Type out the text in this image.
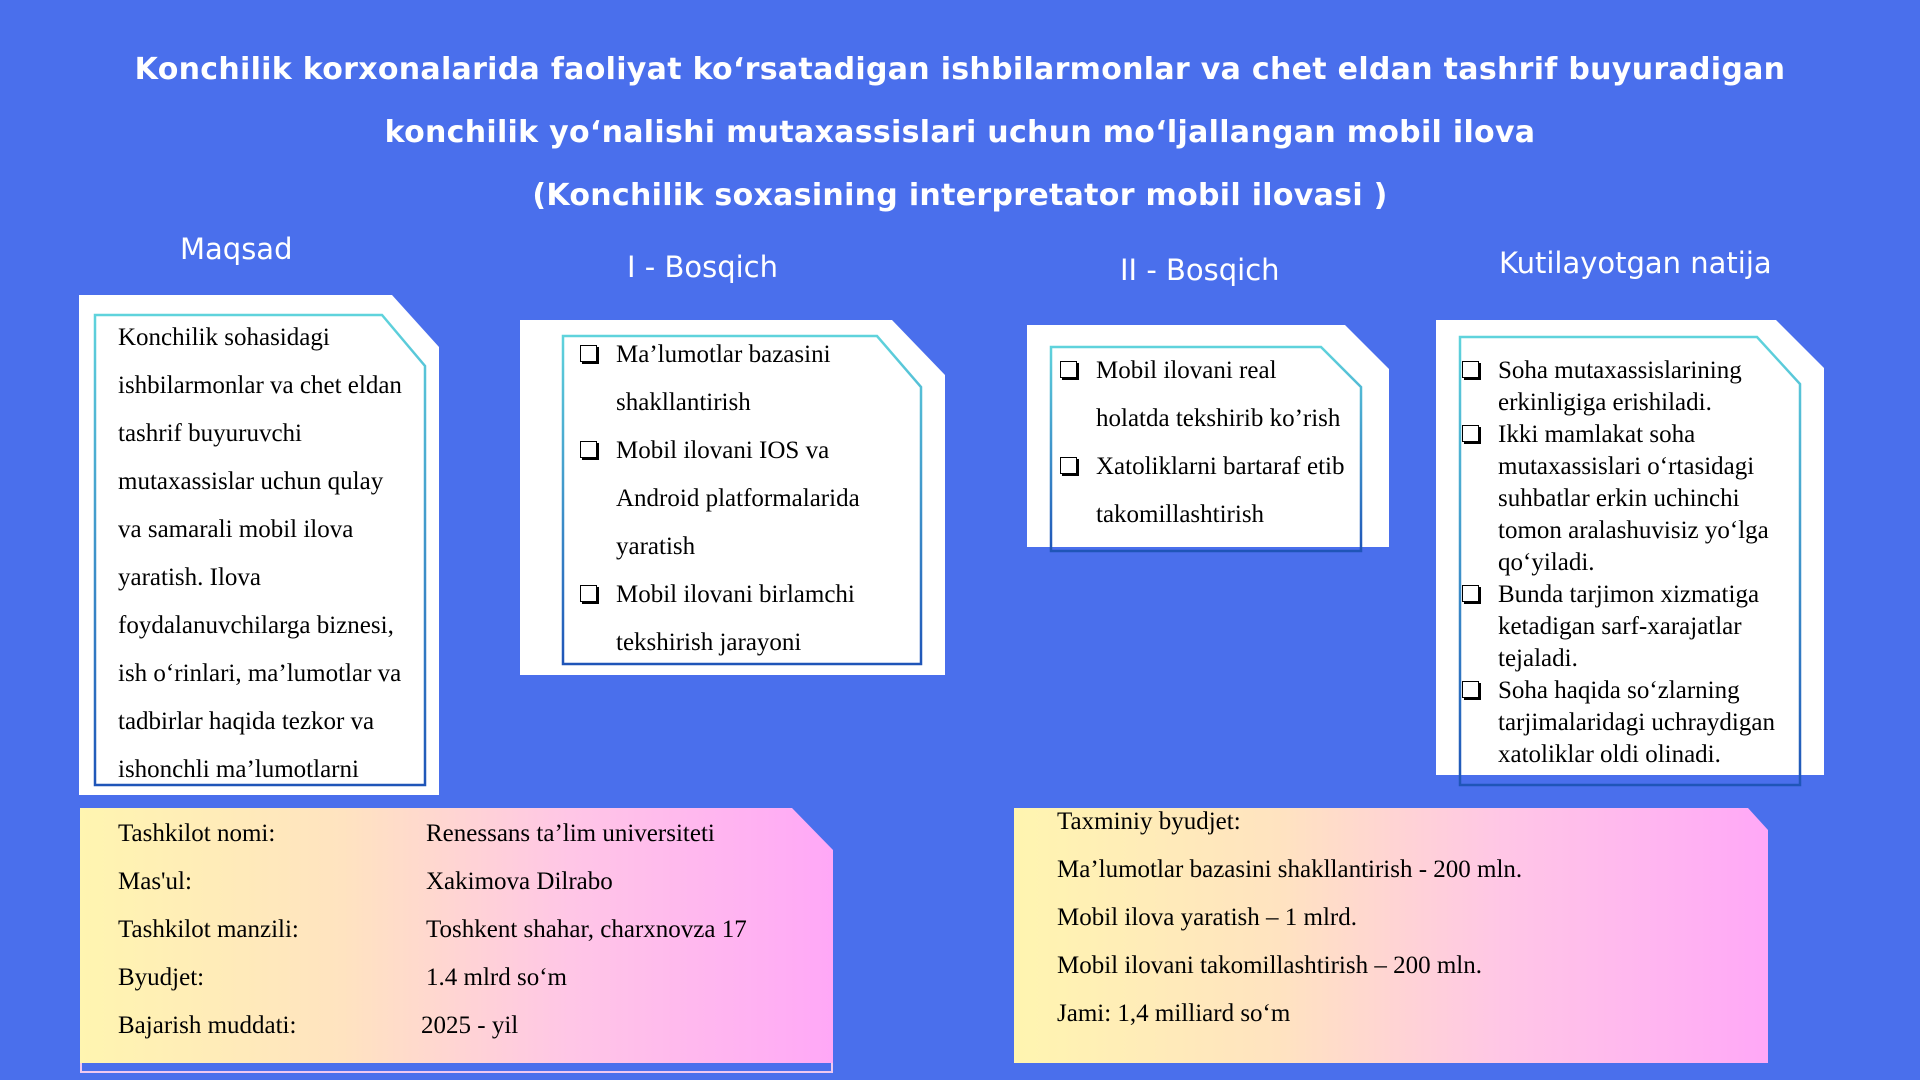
Konchilik korxonalarida faoliyat ko‘rsatadigan ishbilarmonlar va chet eldan tashrif buyuradigan
konchilik yo‘nalishi mutaxassislari uchun mo‘ljallangan mobil ilova
(Konchilik soxasining interpretator mobil ilovasi )
Maqsad
I - Bosqich	II - Bosqich	Kutilayotgan natija
Konchilik sohasidagi
ishbilarmonlar va chet eldan
tashrif buyuruvchi
mutaxassislar uchun qulay
va samarali mobil ilova
yaratish. Ilova
foydalanuvchilarga biznesi,
ish o‘rinlari, ma’lumotlar va
tadbirlar haqida tezkor va
ishonchli ma’lumotlarni
Ma’lumotlar bazasini
shakllantirish
Mobil ilovani IOS va
Android platformalarida
yaratish
Mobil ilovani birlamchi
tekshirish jarayoni
Mobil ilovani real
holatda tekshirib ko’rish
Xatoliklarni bartaraf etib
takomillashtirish
Soha mutaxassislarining erkinligiga erishiladi.
Ikki mamlakat soha mutaxassislari o‘rtasidagi suhbatlar erkin uchinchi tomon aralashuvisiz yo‘lga qo‘yiladi.
Bunda tarjimon xizmatiga ketadigan sarf-xarajatlar tejaladi.
Soha haqida so‘zlarning tarjimalaridagi uchraydigan xatoliklar oldi olinadi.
Tashkilot nomi:	Renessans ta’lim universiteti
Mas'ul:	Xakimova Dilrabo
Tashkilot manzili:	Toshkent shahar, charxnovza 17
Byudjet:	1.4 mlrd so‘m
Bajarish muddati:	2025 - yil
Taxminiy byudjet:
Ma’lumotlar bazasini shakllantirish - 200 mln.
Mobil ilova yaratish – 1 mlrd.
Mobil ilovani takomillashtirish – 200 mln.
Jami: 1,4 milliard so‘m
